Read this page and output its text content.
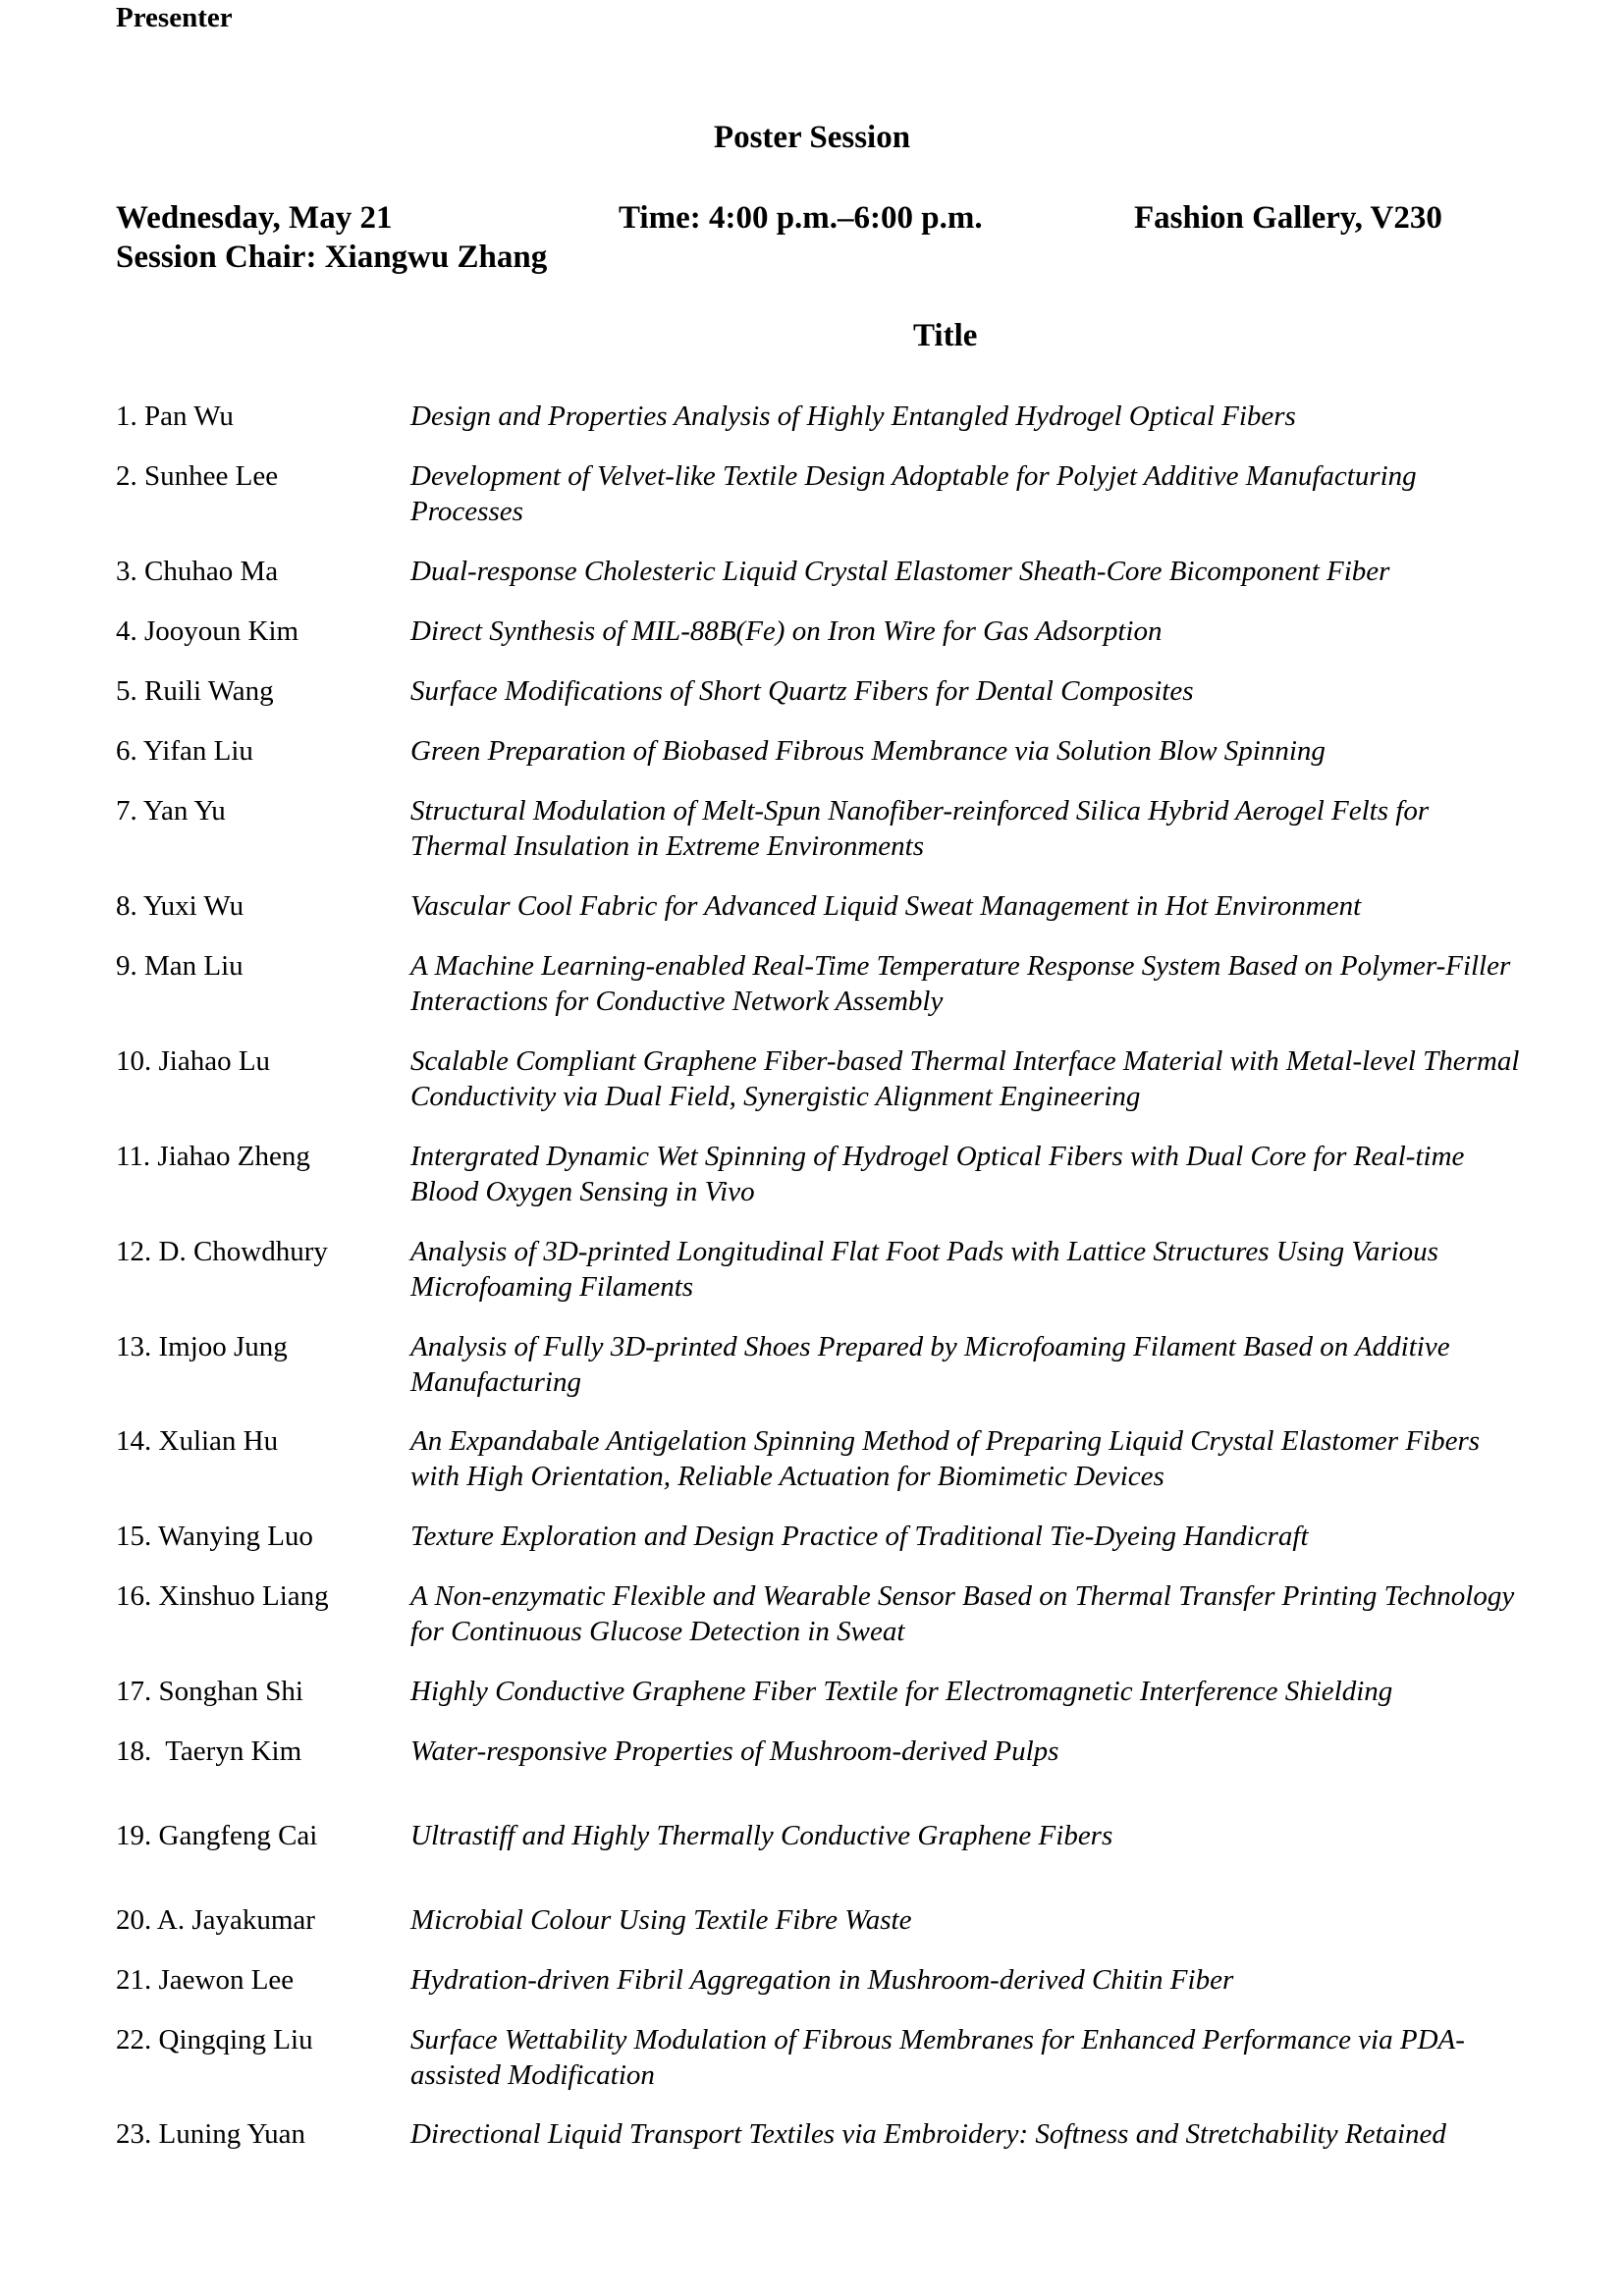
Poster Session
Wednesday, May 21	Time: 4:00 p.m.–6:00 p.m.	Fashion Gallery, V230
Session Chair: Xiangwu Zhang
Presenter
Title
1. Pan Wu	Design and Properties Analysis of Highly Entangled Hydrogel Optical Fibers
2. Sunhee Lee	Development of Velvet-like Textile Design Adoptable for Polyjet Additive Manufacturing Processes
3. Chuhao Ma	Dual-response Cholesteric Liquid Crystal Elastomer Sheath-Core Bicomponent Fiber
4. Jooyoun Kim	Direct Synthesis of MIL-88B(Fe) on Iron Wire for Gas Adsorption
5. Ruili Wang	Surface Modifications of Short Quartz Fibers for Dental Composites
6. Yifan Liu	Green Preparation of Biobased Fibrous Membrance via Solution Blow Spinning
7. Yan Yu	Structural Modulation of Melt-Spun Nanofiber-reinforced Silica Hybrid Aerogel Felts for Thermal Insulation in Extreme Environments
8. Yuxi Wu	Vascular Cool Fabric for Advanced Liquid Sweat Management in Hot Environment
9. Man Liu	A Machine Learning-enabled Real-Time Temperature Response System Based on Polymer-Filler Interactions for Conductive Network Assembly
10. Jiahao Lu	Scalable Compliant Graphene Fiber-based Thermal Interface Material with Metal-level Thermal Conductivity via Dual Field, Synergistic Alignment Engineering
11. Jiahao Zheng	Intergrated Dynamic Wet Spinning of Hydrogel Optical Fibers with Dual Core for Real-time Blood Oxygen Sensing in Vivo
12. D. Chowdhury	Analysis of 3D-printed Longitudinal Flat Foot Pads with Lattice Structures Using Various Microfoaming Filaments
13. Imjoo Jung	Analysis of Fully 3D-printed Shoes Prepared by Microfoaming Filament Based on Additive Manufacturing
14. Xulian Hu	An Expandabale Antigelation Spinning Method of Preparing Liquid Crystal Elastomer Fibers with High Orientation, Reliable Actuation for Biomimetic Devices
15. Wanying Luo	Texture Exploration and Design Practice of Traditional Tie-Dyeing Handicraft
16. Xinshuo Liang	A Non-enzymatic Flexible and Wearable Sensor Based on Thermal Transfer Printing Technology for Continuous Glucose Detection in Sweat
17. Songhan Shi	Highly Conductive Graphene Fiber Textile for Electromagnetic Interference Shielding
18.  Taeryn Kim	Water-responsive Properties of Mushroom-derived Pulps
19. Gangfeng Cai	Ultrastiff and Highly Thermally Conductive Graphene Fibers
20. A. Jayakumar	Microbial Colour Using Textile Fibre Waste
21. Jaewon Lee	Hydration-driven Fibril Aggregation in Mushroom-derived Chitin Fiber
22. Qingqing Liu	Surface Wettability Modulation of Fibrous Membranes for Enhanced Performance via PDA-assisted Modification
23. Luning Yuan	Directional Liquid Transport Textiles via Embroidery: Softness and Stretchability Retained
